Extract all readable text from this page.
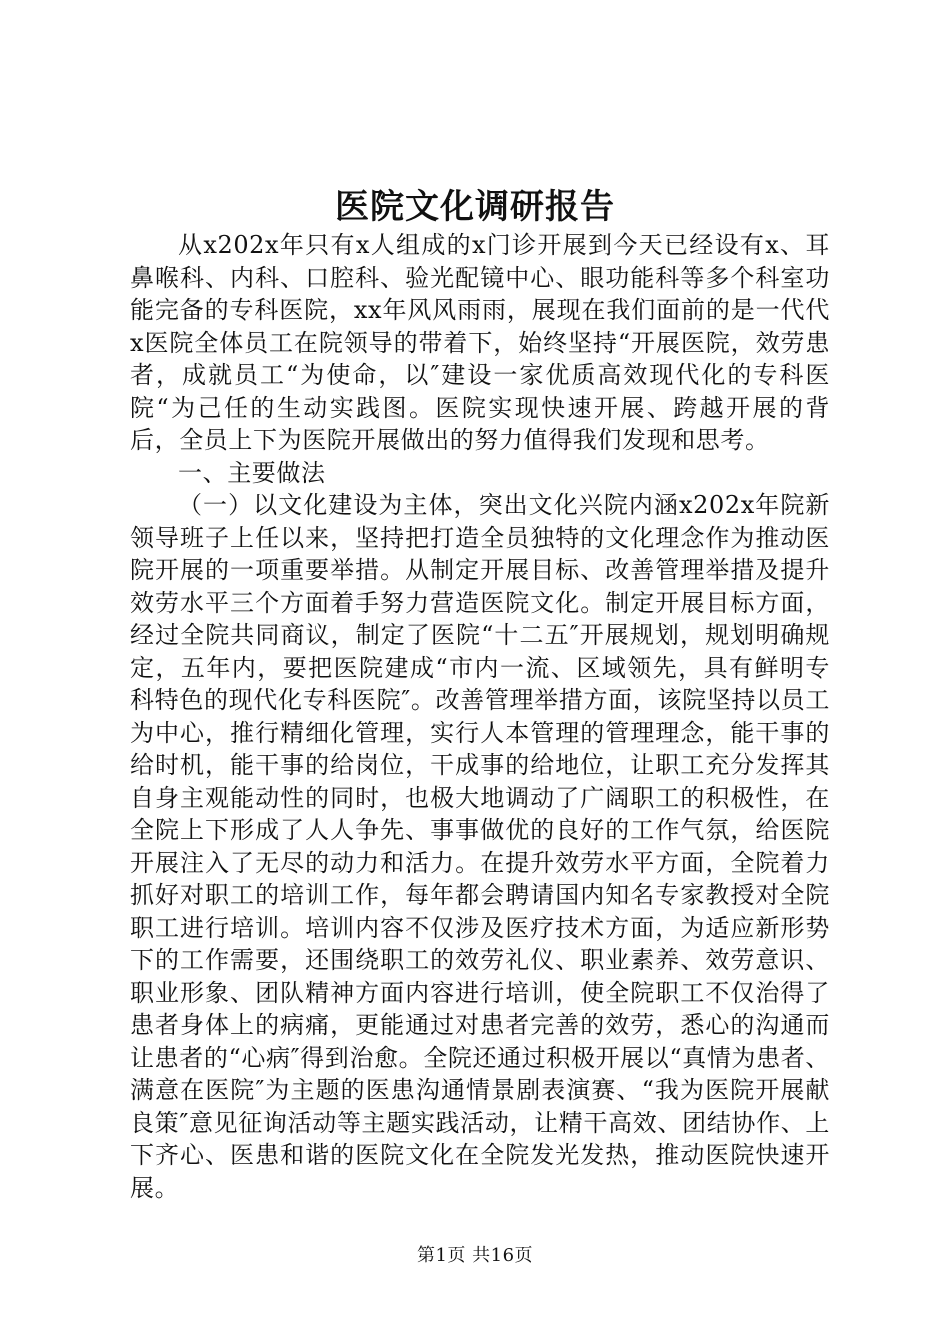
医院文化调研报告

从x202x年只有x人组成的x门诊开展到今天已经设有x、耳鼻喉科、内科、口腔科、验光配镜中心、眼功能科等多个科室功能完备的专科医院，xx年风风雨雨，展现在我们面前的是一代代x医院全体员工在院领导的带着下，始终坚持“开展医院，效劳患者，成就员工“为使命，以″建设一家优质高效现代化的专科医院“为己任的生动实践图。医院实现快速开展、跨越开展的背后，全员上下为医院开展做出的努力值得我们发现和思考。

一、主要做法

（一）以文化建设为主体，突出文化兴院内涵x202x年院新领导班子上任以来，坚持把打造全员独特的文化理念作为推动医院开展的一项重要举措。从制定开展目标、改善管理举措及提升效劳水平三个方面着手努力营造医院文化。制定开展目标方面，经过全院共同商议，制定了医院“十二五″开展规划，规划明确规定，五年内，要把医院建成“市内一流、区域领先，具有鲜明专科特色的现代化专科医院″。改善管理举措方面，该院坚持以员工为中心，推行精细化管理，实行人本管理的管理理念，能干事的给时机，能干事的给岗位，干成事的给地位，让职工充分发挥其自身主观能动性的同时，也极大地调动了广阔职工的积极性，在全院上下形成了人人争先、事事做优的良好的工作气氛，给医院开展注入了无尽的动力和活力。在提升效劳水平方面，全院着力抓好对职工的培训工作，每年都会聘请国内知名专家教授对全院职工进行培训。培训内容不仅涉及医疗技术方面，为适应新形势下的工作需要，还围绕职工的效劳礼仪、职业素养、效劳意识、职业形象、团队精神方面内容进行培训，使全院职工不仅治得了患者身体上的病痛，更能通过对患者完善的效劳，悉心的沟通而让患者的“心病″得到治愈。全院还通过积极开展以“真情为患者、满意在医院″为主题的医患沟通情景剧表演赛、“我为医院开展献良策″意见征询活动等主题实践活动，让精干高效、团结协作、上下齐心、医患和谐的医院文化在全院发光发热，推动医院快速开展。

第1页 共16页
